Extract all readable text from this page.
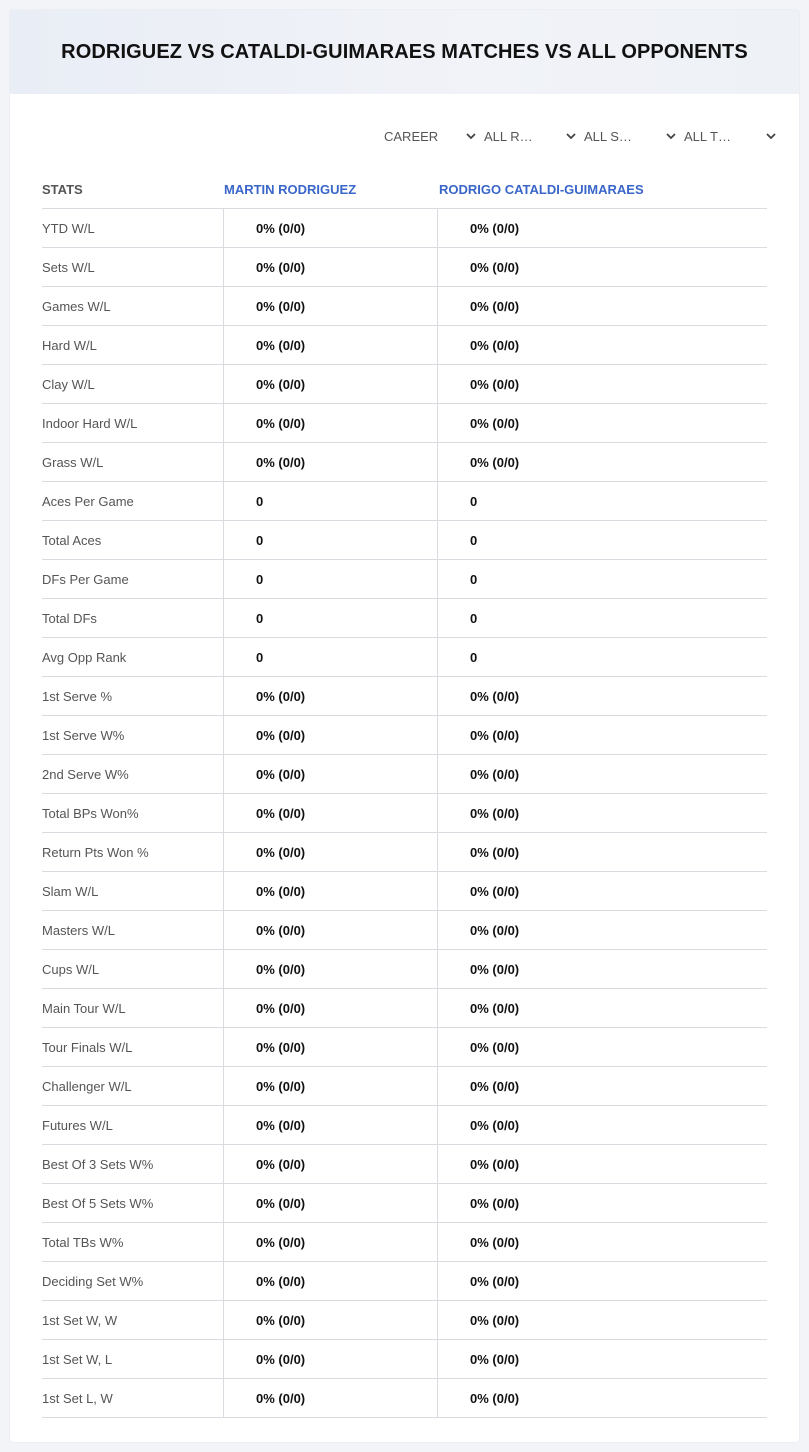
RODRIGUEZ VS CATALDI-GUIMARAES MATCHES VS ALL OPPONENTS
CAREER	ALL R…	ALL S…	ALL T…
STATS	MARTIN RODRIGUEZ	RODRIGO CATALDI-GUIMARAES
YTD W/L	0% (0/0)	0% (0/0)
Sets W/L	0% (0/0)	0% (0/0)
Games W/L	0% (0/0)	0% (0/0)
Hard W/L	0% (0/0)	0% (0/0)
Clay W/L	0% (0/0)	0% (0/0)
Indoor Hard W/L	0% (0/0)	0% (0/0)
Grass W/L	0% (0/0)	0% (0/0)
Aces Per Game	0	0
Total Aces	0	0
DFs Per Game	0	0
Total DFs	0	0
Avg Opp Rank	0	0
1st Serve %	0% (0/0)	0% (0/0)
1st Serve W%	0% (0/0)	0% (0/0)
2nd Serve W%	0% (0/0)	0% (0/0)
Total BPs Won%	0% (0/0)	0% (0/0)
Return Pts Won %	0% (0/0)	0% (0/0)
Slam W/L	0% (0/0)	0% (0/0)
Masters W/L	0% (0/0)	0% (0/0)
Cups W/L	0% (0/0)	0% (0/0)
Main Tour W/L	0% (0/0)	0% (0/0)
Tour Finals W/L	0% (0/0)	0% (0/0)
Challenger W/L	0% (0/0)	0% (0/0)
Futures W/L	0% (0/0)	0% (0/0)
Best Of 3 Sets W%	0% (0/0)	0% (0/0)
Best Of 5 Sets W%	0% (0/0)	0% (0/0)
Total TBs W%	0% (0/0)	0% (0/0)
Deciding Set W%	0% (0/0)	0% (0/0)
1st Set W, W	0% (0/0)	0% (0/0)
1st Set W, L	0% (0/0)	0% (0/0)
1st Set L, W	0% (0/0)	0% (0/0)
